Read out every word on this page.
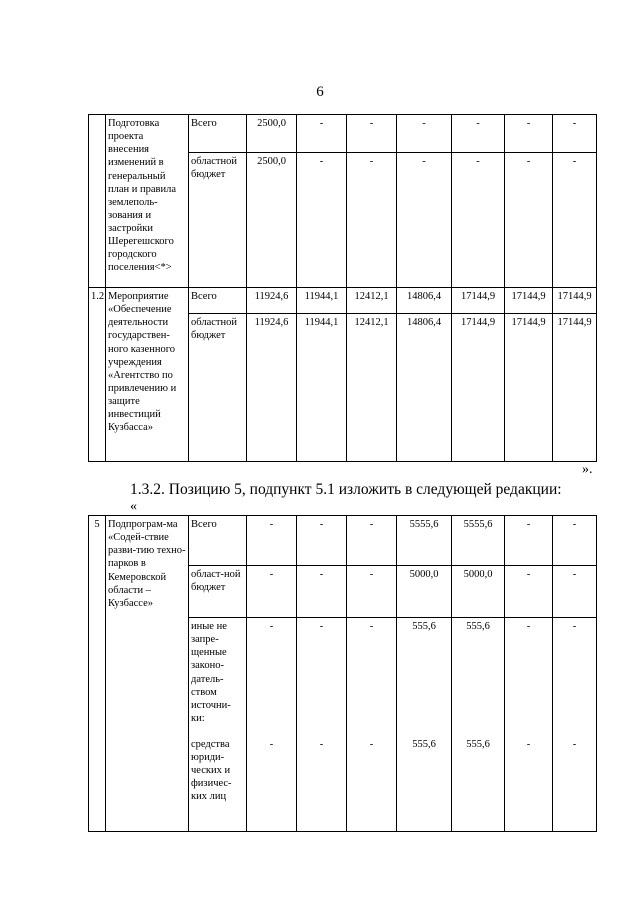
6
	Подготовка проекта внесения изменений в генеральный план и правила землеполь-зования и застройки Шерегешского городского поселения<*>	Всего	2500,0	-	-	-	-	-	-
		областной бюджет	2500,0	-	-	-	-	-	-
1.2	Мероприятие «Обеспечение деятельности государствен-ного казенного учреждения «Агентство по привлечению и защите инвестиций Кузбасса»	Всего	11924,6	11944,1	12412,1	14806,4	17144,9	17144,9	17144,9
		областной бюджет	11924,6	11944,1	12412,1	14806,4	17144,9	17144,9	17144,9
».
1.3.2. Позицию 5, подпункт 5.1 изложить в следующей редакции:
«
5	Подпрограм-ма «Содей-ствие разви-тию техно-парков в Кемеровской области – Кузбассе»	Всего	-	-	-	5555,6	5555,6	-	-
		област-ной бюджет	-	-	-	5000,0	5000,0	-	-
		иные не запре-щенные законо-датель-ством источни-ки:	-	-	-	555,6	555,6	-	-
		средства юриди-ческих и физичес-ких лиц	-	-	-	555,6	555,6	-	-
